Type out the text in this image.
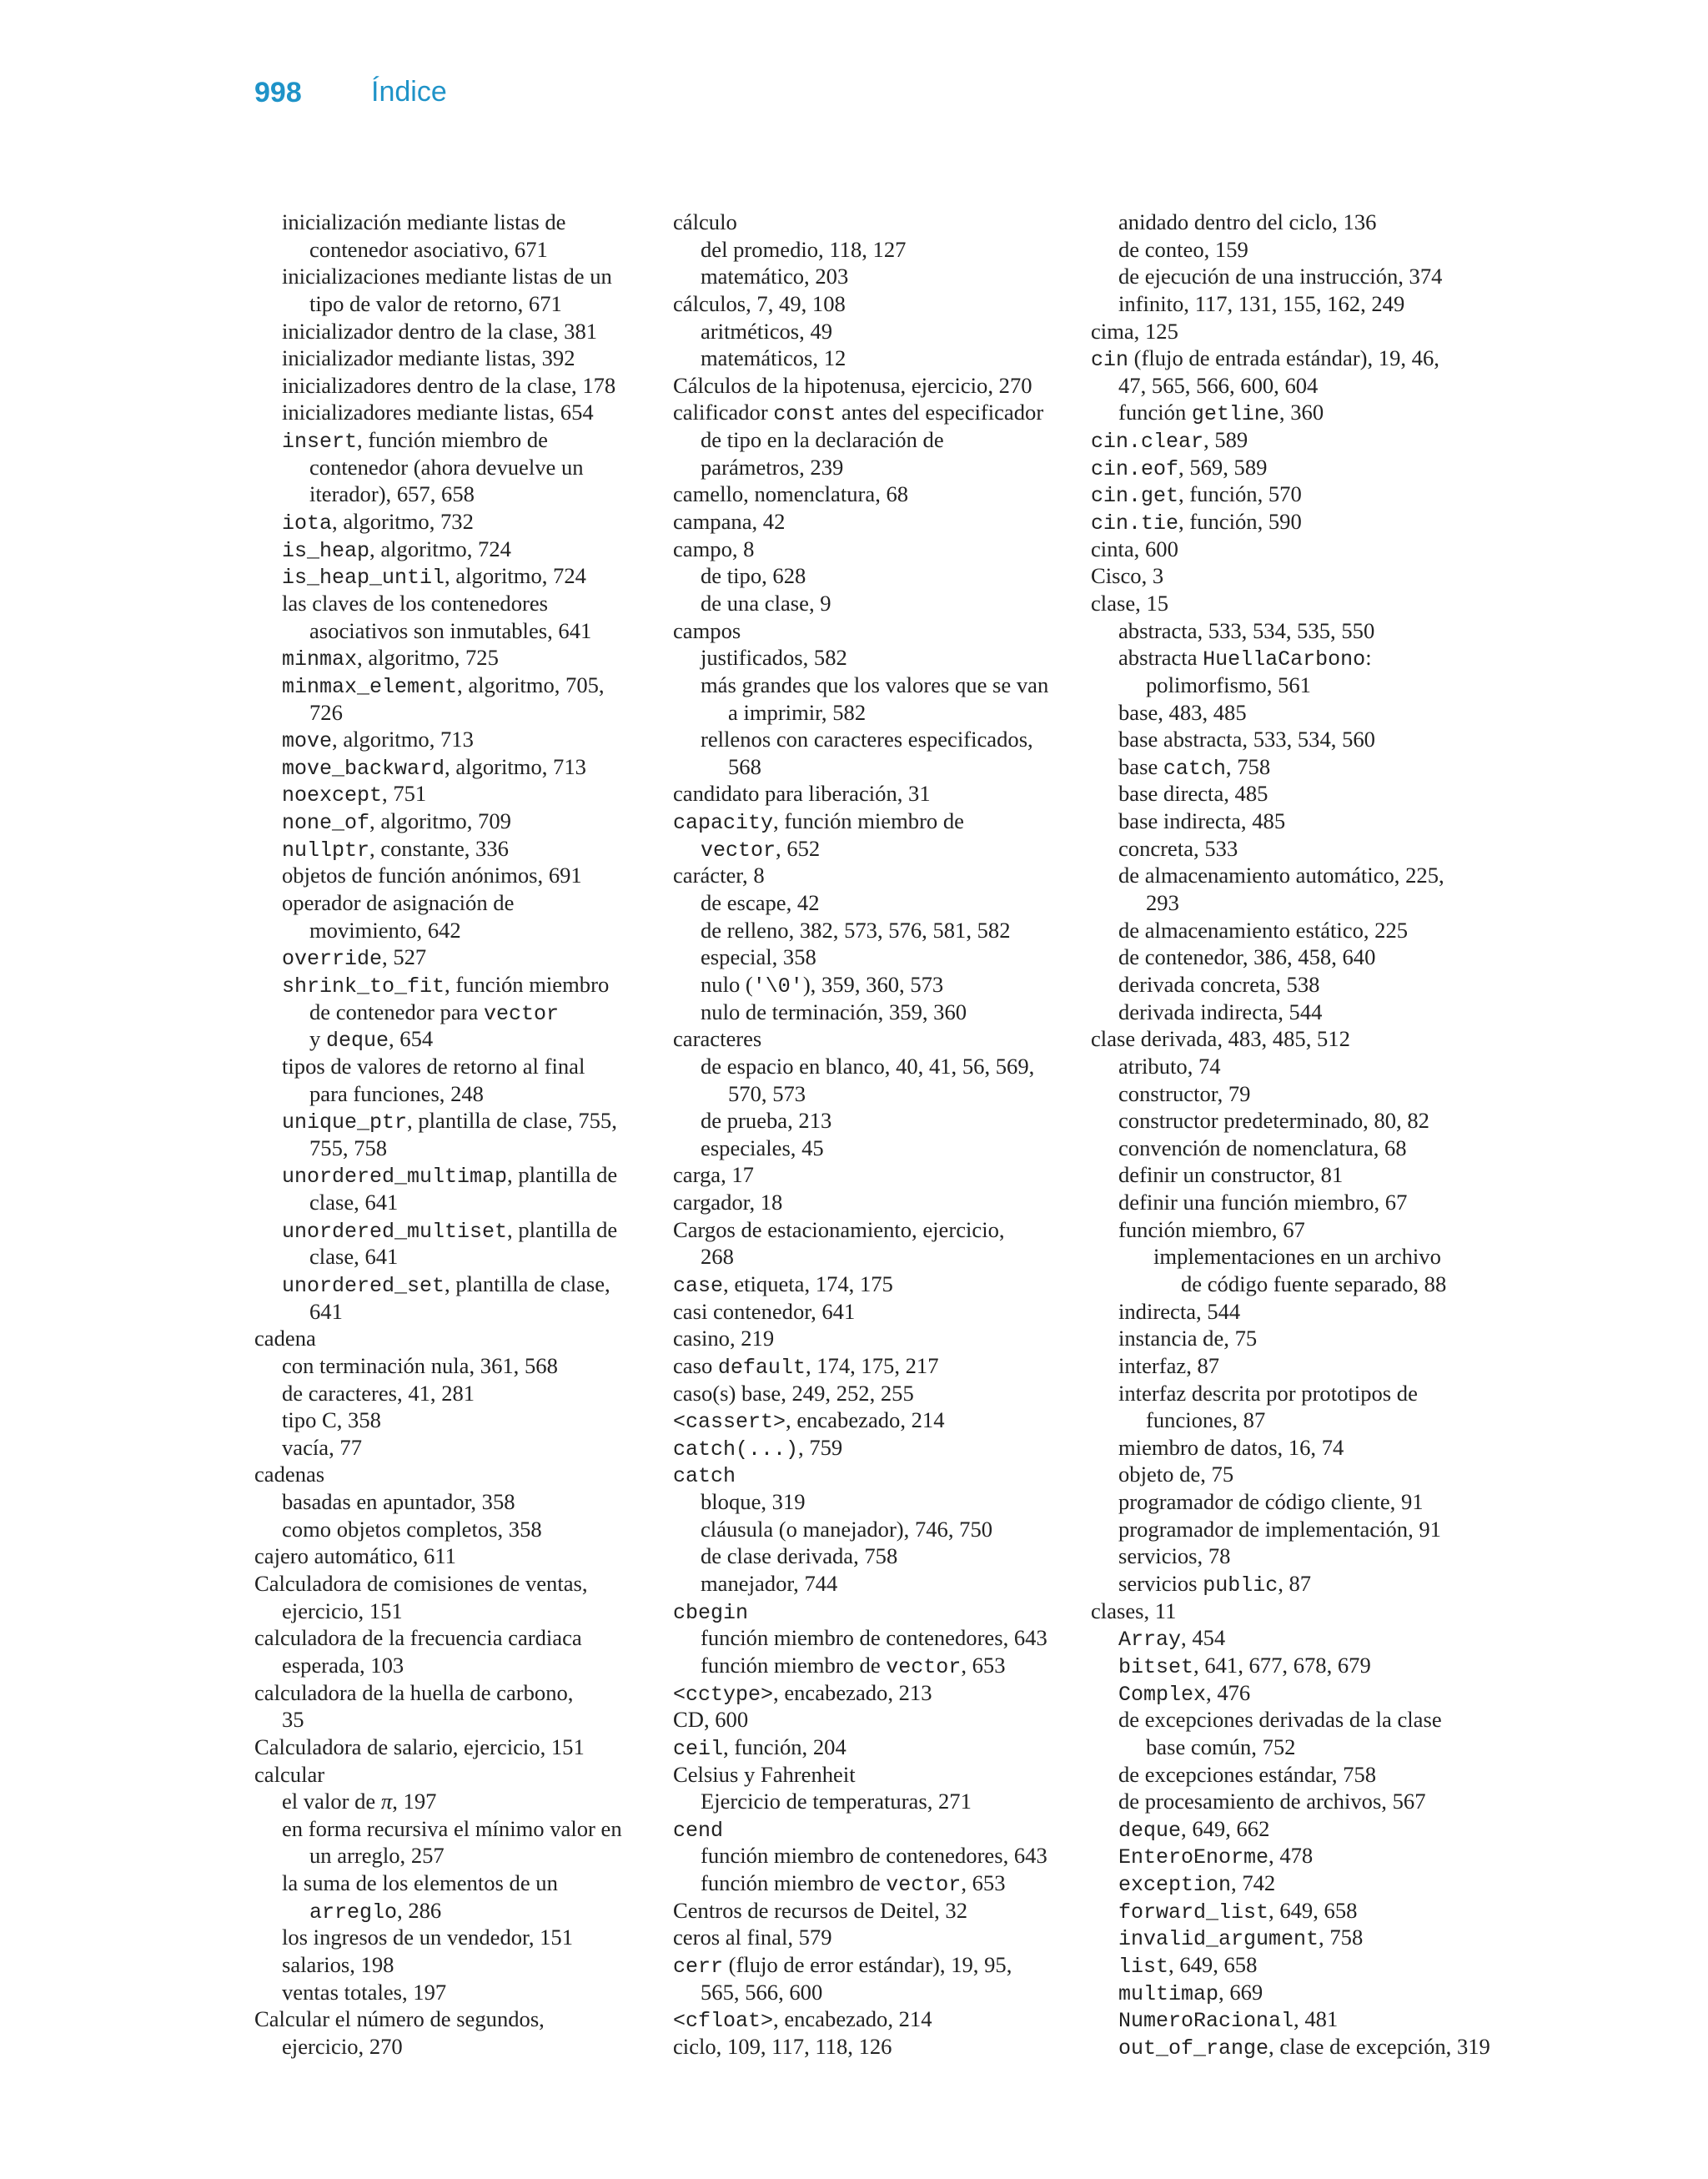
998 Índice
inicialización mediante listas de
contenedor asociativo, 671
inicializaciones mediante listas de un
tipo de valor de retorno, 671
inicializador dentro de la clase, 381
inicializador mediante listas, 392
inicializadores dentro de la clase, 178
inicializadores mediante listas, 654
insert, función miembro de
contenedor (ahora devuelve un
iterador), 657, 658
iota, algoritmo, 732
is_heap, algoritmo, 724
is_heap_until, algoritmo, 724
las claves de los contenedores
asociativos son inmutables, 641
minmax, algoritmo, 725
minmax_element, algoritmo, 705,
726
move, algoritmo, 713
move_backward, algoritmo, 713
noexcept, 751
none_of, algoritmo, 709
nullptr, constante, 336
objetos de función anónimos, 691
operador de asignación de
movimiento, 642
override, 527
shrink_to_fit, función miembro
de contenedor para vector
y deque, 654
tipos de valores de retorno al final
para funciones, 248
unique_ptr, plantilla de clase, 755,
755, 758
unordered_multimap, plantilla de
clase, 641
unordered_multiset, plantilla de
clase, 641
unordered_set, plantilla de clase,
641
cadena
con terminación nula, 361, 568
de caracteres, 41, 281
tipo C, 358
vacía, 77
cadenas
basadas en apuntador, 358
como objetos completos, 358
cajero automático, 611
Calculadora de comisiones de ventas,
ejercicio, 151
calculadora de la frecuencia cardiaca
esperada, 103
calculadora de la huella de carbono,
35
Calculadora de salario, ejercicio, 151
calcular
el valor de π, 197
en forma recursiva el mínimo valor en
un arreglo, 257
la suma de los elementos de un
arreglo, 286
los ingresos de un vendedor, 151
salarios, 198
ventas totales, 197
Calcular el número de segundos,
ejercicio, 270
cálculo
del promedio, 118, 127
matemático, 203
cálculos, 7, 49, 108
aritméticos, 49
matemáticos, 12
Cálculos de la hipotenusa, ejercicio, 270
calificador const antes del especificador
de tipo en la declaración de
parámetros, 239
camello, nomenclatura, 68
campana, 42
campo, 8
de tipo, 628
de una clase, 9
campos
justificados, 582
más grandes que los valores que se van
a imprimir, 582
rellenos con caracteres especificados,
568
candidato para liberación, 31
capacity, función miembro de
vector, 652
carácter, 8
de escape, 42
de relleno, 382, 573, 576, 581, 582
especial, 358
nulo ('\0'), 359, 360, 573
nulo de terminación, 359, 360
caracteres
de espacio en blanco, 40, 41, 56, 569,
570, 573
de prueba, 213
especiales, 45
carga, 17
cargador, 18
Cargos de estacionamiento, ejercicio,
268
case, etiqueta, 174, 175
casi contenedor, 641
casino, 219
caso default, 174, 175, 217
caso(s) base, 249, 252, 255
<cassert>, encabezado, 214
catch(...), 759
catch
bloque, 319
cláusula (o manejador), 746, 750
de clase derivada, 758
manejador, 744
cbegin
función miembro de contenedores, 643
función miembro de vector, 653
<cctype>, encabezado, 213
CD, 600
ceil, función, 204
Celsius y Fahrenheit
Ejercicio de temperaturas, 271
cend
función miembro de contenedores, 643
función miembro de vector, 653
Centros de recursos de Deitel, 32
ceros al final, 579
cerr (flujo de error estándar), 19, 95,
565, 566, 600
<cfloat>, encabezado, 214
ciclo, 109, 117, 118, 126
anidado dentro del ciclo, 136
de conteo, 159
de ejecución de una instrucción, 374
infinito, 117, 131, 155, 162, 249
cima, 125
cin (flujo de entrada estándar), 19, 46,
47, 565, 566, 600, 604
función getline, 360
cin.clear, 589
cin.eof, 569, 589
cin.get, función, 570
cin.tie, función, 590
cinta, 600
Cisco, 3
clase, 15
abstracta, 533, 534, 535, 550
abstracta HuellaCarbono:
polimorfismo, 561
base, 483, 485
base abstracta, 533, 534, 560
base catch, 758
base directa, 485
base indirecta, 485
concreta, 533
de almacenamiento automático, 225,
293
de almacenamiento estático, 225
de contenedor, 386, 458, 640
derivada concreta, 538
derivada indirecta, 544
clase derivada, 483, 485, 512
atributo, 74
constructor, 79
constructor predeterminado, 80, 82
convención de nomenclatura, 68
definir un constructor, 81
definir una función miembro, 67
función miembro, 67
implementaciones en un archivo
de código fuente separado, 88
indirecta, 544
instancia de, 75
interfaz, 87
interfaz descrita por prototipos de
funciones, 87
miembro de datos, 16, 74
objeto de, 75
programador de código cliente, 91
programador de implementación, 91
servicios, 78
servicios public, 87
clases, 11
Array, 454
bitset, 641, 677, 678, 679
Complex, 476
de excepciones derivadas de la clase
base común, 752
de excepciones estándar, 758
de procesamiento de archivos, 567
deque, 649, 662
EnteroEnorme, 478
exception, 742
forward_list, 649, 658
invalid_argument, 758
list, 649, 658
multimap, 669
NumeroRacional, 481
out_of_range, clase de excepción, 319
